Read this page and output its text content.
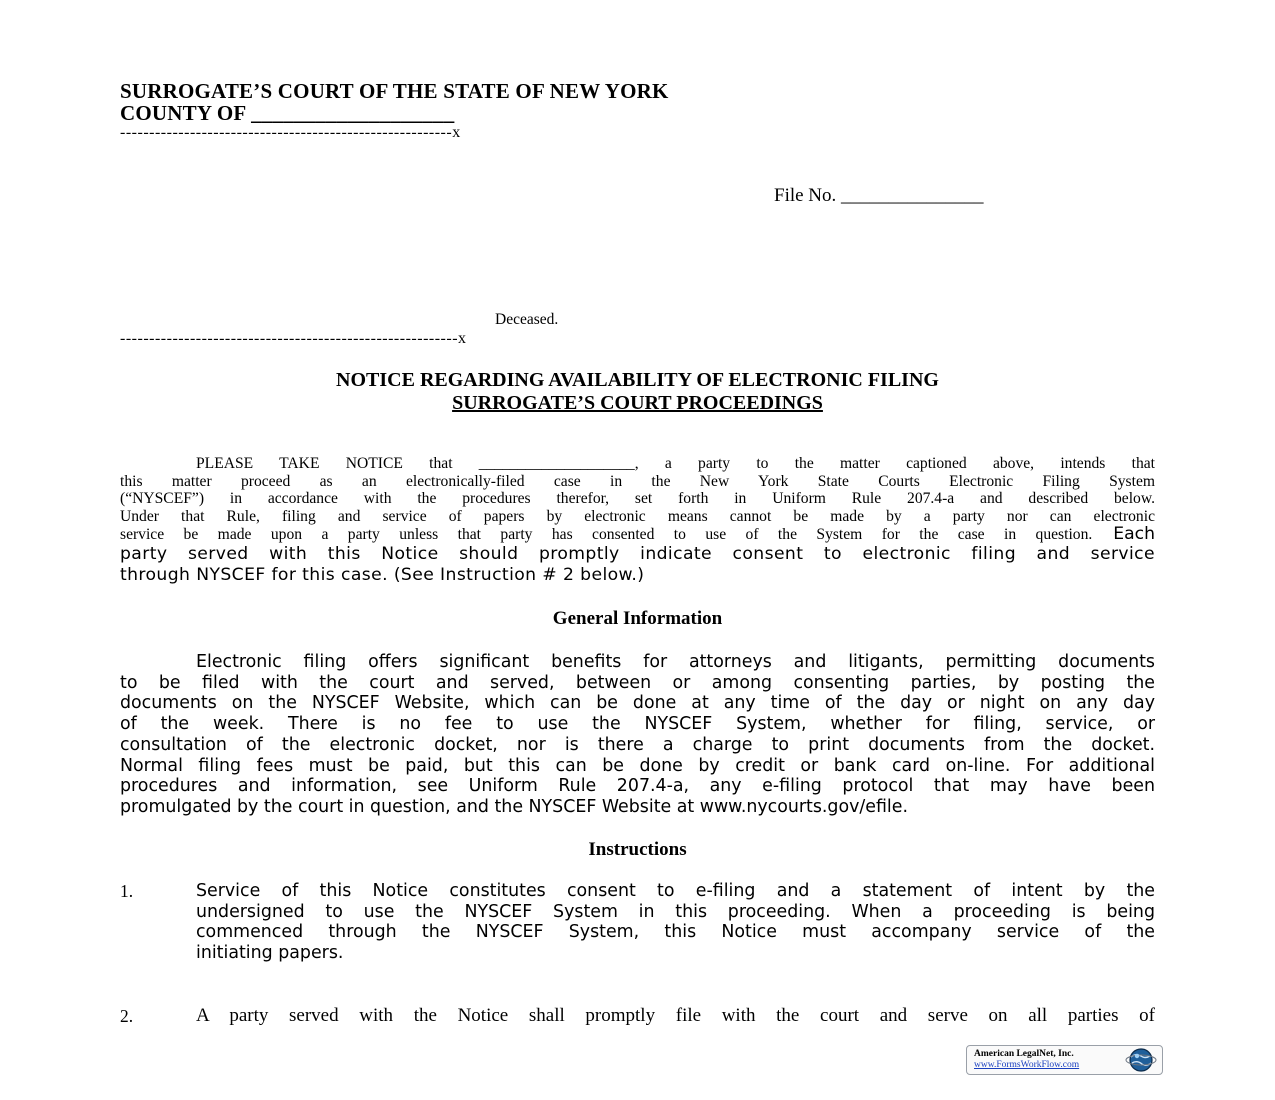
SURROGATE’S COURT OF THE STATE OF NEW YORK
COUNTY OF ___________________
---------------------------------------------------------x
File No. _______________
Deceased.
----------------------------------------------------------x
NOTICE REGARDING AVAILABILITY OF ELECTRONIC FILING
SURROGATE’S COURT PROCEEDINGS
PLEASE TAKE NOTICE that ____________________, a party to the matter captioned above, intends that
this matter proceed as an electronically-filed case in the New York State Courts Electronic Filing System
(“NYSCEF”) in accordance with the procedures therefor, set forth in Uniform Rule 207.4-a and described below.
Under that Rule, filing and service of papers by electronic means cannot be made by a party nor can electronic
service be made upon a party unless that party has consented to use of the System for the case in question. Each
party served with this Notice should promptly indicate consent to electronic filing and service
through NYSCEF for this case. (See Instruction # 2 below.)
General Information
Electronic filing offers significant benefits for attorneys and litigants, permitting documents
to be filed with the court and served, between or among consenting parties, by posting the
documents on the NYSCEF Website, which can be done at any time of the day or night on any day
of the week. There is no fee to use the NYSCEF System, whether for filing, service, or
consultation of the electronic docket, nor is there a charge to print documents from the docket.
Normal filing fees must be paid, but this can be done by credit or bank card on-line. For additional
procedures and information, see Uniform Rule 207.4-a, any e-filing protocol that may have been
promulgated by the court in question, and the NYSCEF Website at www.nycourts.gov/efile.
Instructions
1.	Service of this Notice constitutes consent to e-filing and a statement of intent by the
undersigned to use the NYSCEF System in this proceeding. When a proceeding is being
commenced through the NYSCEF System, this Notice must accompany service of the
initiating papers.
2.	A party served with the Notice shall promptly file with the court and serve on all parties of
American LegalNet, Inc.
www.FormsWorkFlow.com
